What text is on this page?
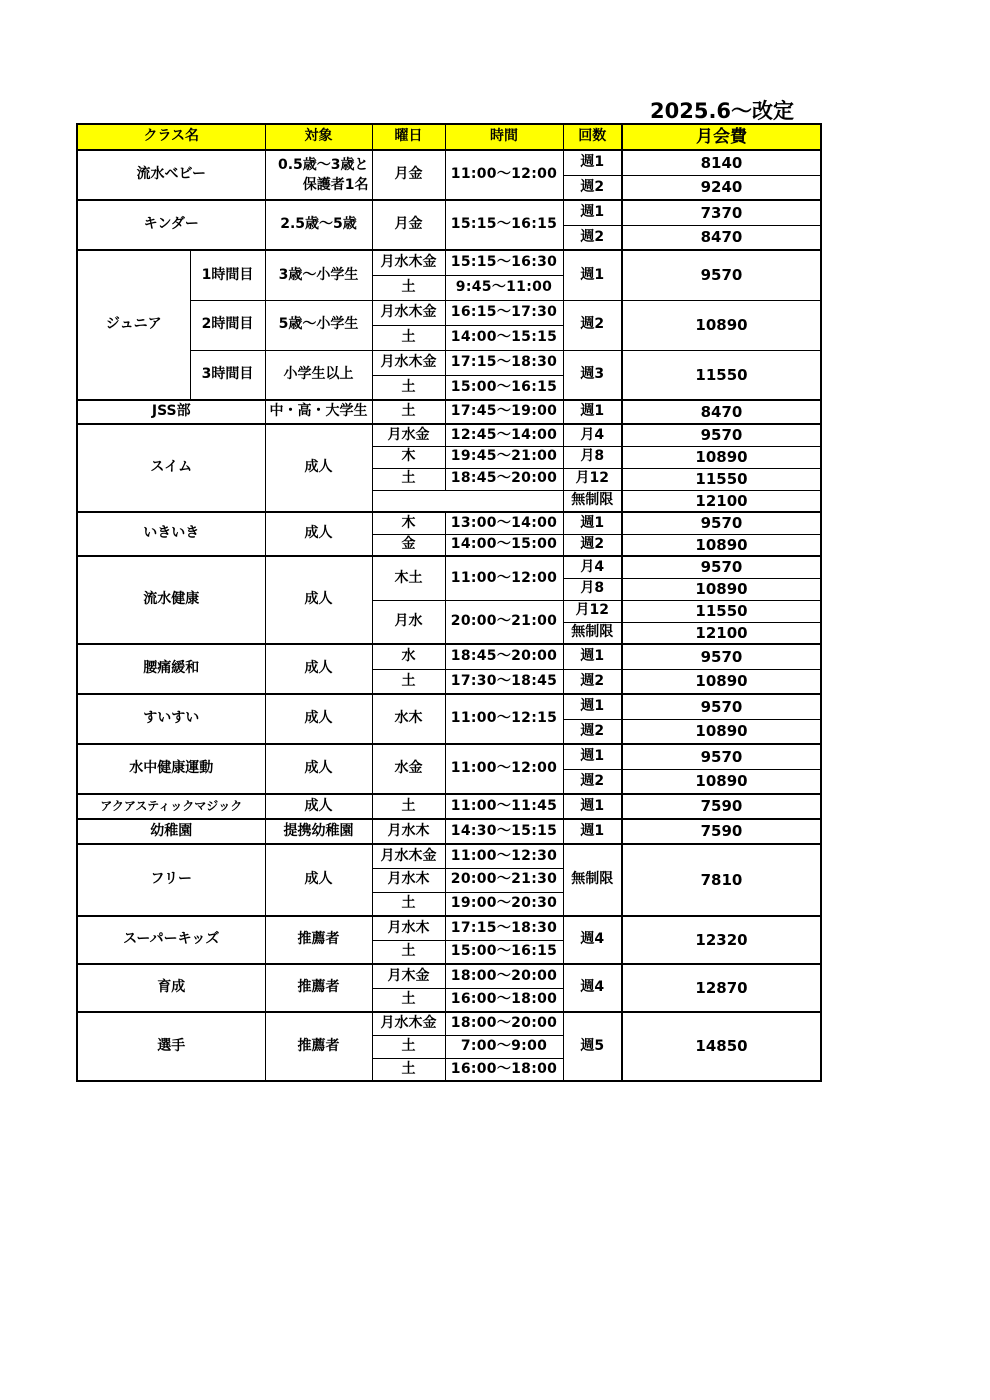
2025.6～改定
クラス名		対象	曜日	時間	回数	月会費
流水ベビー		0.5歳～3歳と
保護者1名	月金	11:00～12:00	週1	8140
					週2	9240
キンダー		2.5歳～5歳	月金	15:15～16:15	週1	7370
					週2	8470
ジュニア	1時間目	3歳～小学生	月水木金	15:15～16:30	週1	9570
			土	9:45～11:00		
	2時間目	5歳～小学生	月水木金	16:15～17:30	週2	10890
			土	14:00～15:15		
	3時間目	小学生以上	月水木金	17:15～18:30	週3	11550
			土	15:00～16:15		
JSS部		中・高・大学生	土	17:45～19:00	週1	8470
スイム		成人	月水金	12:45～14:00	月4	9570
			木	19:45～21:00	月8	10890
			土	18:45～20:00	月12	11550
					無制限	12100
いきいき		成人	木	13:00～14:00	週1	9570
			金	14:00～15:00	週2	10890
流水健康		成人	木土	11:00～12:00	月4	9570
					月8	10890
			月水	20:00～21:00	月12	11550
					無制限	12100
腰痛緩和		成人	水	18:45～20:00	週1	9570
			土	17:30～18:45	週2	10890
すいすい		成人	水木	11:00～12:15	週1	9570
					週2	10890
水中健康運動		成人	水金	11:00～12:00	週1	9570
					週2	10890
アクアスティックマジック		成人	土	11:00～11:45	週1	7590
幼稚園		提携幼稚園	月水木	14:30～15:15	週1	7590
フリー		成人	月水木金	11:00～12:30	無制限	7810
			月水木	20:00～21:30		
			土	19:00～20:30		
スーパーキッズ		推薦者	月水木	17:15～18:30	週4	12320
			土	15:00～16:15		
育成		推薦者	月木金	18:00～20:00	週4	12870
			土	16:00～18:00		
選手		推薦者	月水木金	18:00～20:00	週5	14850
			土	7:00～9:00		
			土	16:00～18:00		
